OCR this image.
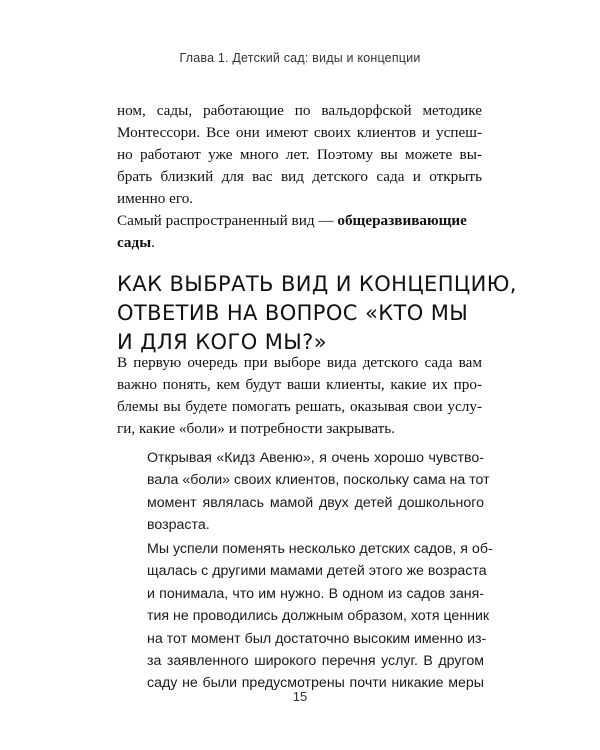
Глава 1. Детский сад: виды и концепции
ном, сады, работающие по вальдорфской методике
Монтессори. Все они имеют своих клиентов и успеш-
но работают уже много лет. Поэтому вы можете вы-
брать близкий для вас вид детского сада и открыть
именно его.
Самый распространенный вид — общеразвивающие
сады.
КАК ВЫБРАТЬ ВИД И КОНЦЕПЦИЮ,
ОТВЕТИВ НА ВОПРОС «КТО МЫ
И ДЛЯ КОГО МЫ?»
В первую очередь при выборе вида детского сада вам
важно понять, кем будут ваши клиенты, какие их про-
блемы вы будете помогать решать, оказывая свои услу-
ги, какие «боли» и потребности закрывать.
Открывая «Кидз Авеню», я очень хорошо чувство-
вала «боли» своих клиентов, поскольку сама на тот
момент являлась мамой двух детей дошкольного
возраста.
Мы успели поменять несколько детских садов, я об-
щалась с другими мамами детей этого же возраста
и понимала, что им нужно. В одном из садов заня-
тия не проводились должным образом, хотя ценник
на тот момент был достаточно высоким именно из-
за заявленного широкого перечня услуг. В другом
саду не были предусмотрены почти никакие меры
15
